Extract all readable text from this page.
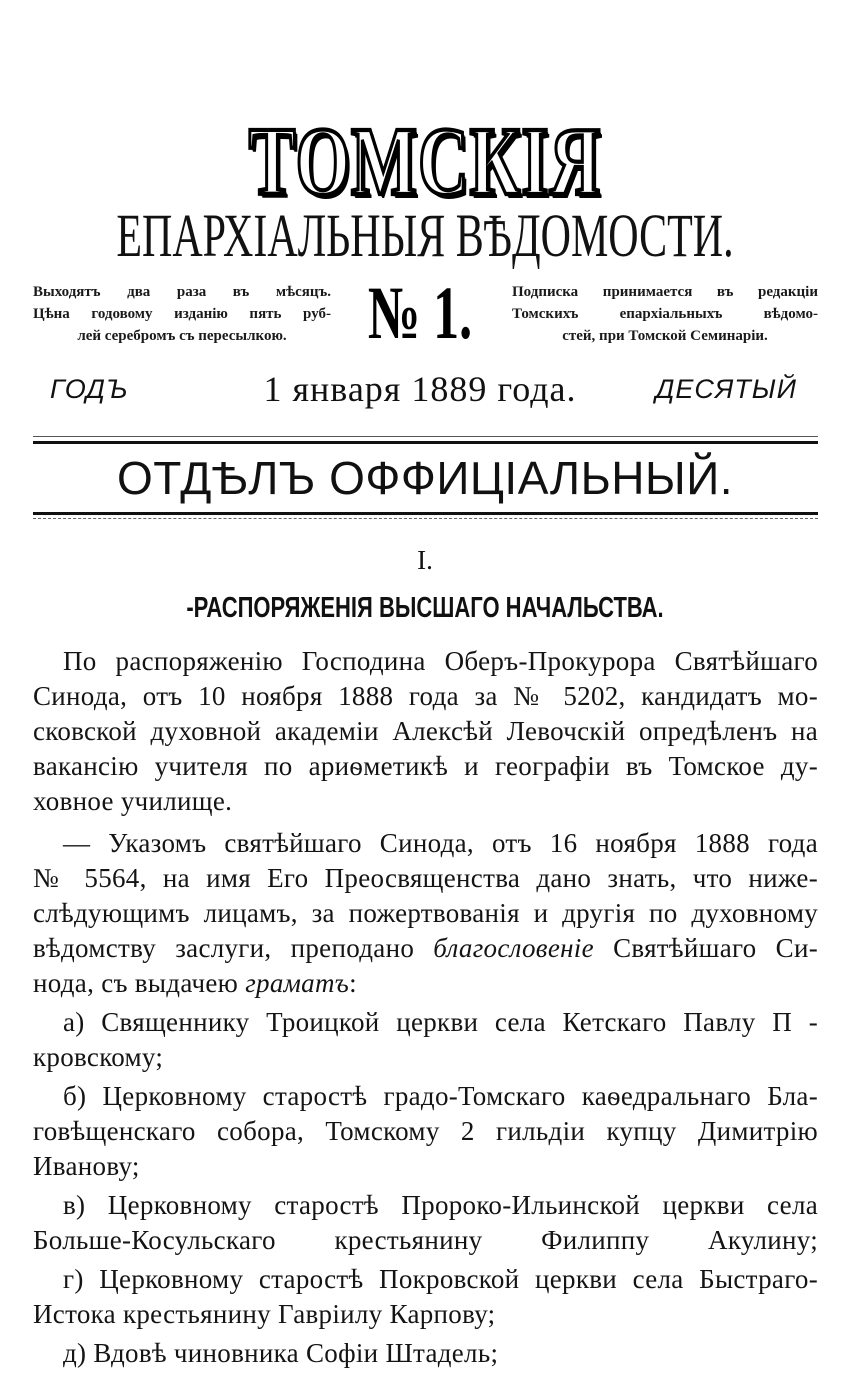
ТОМСКІЯ
ЕПАРХІАЛЬНЫЯ ВѢДОМОСТИ.
Выходятъ два раза въ мѣсяцъ.
Цѣна годовому изданію пять руб-
лей серебромъ съ пересылкою.	№ 1.	Подписка принимается въ редакціи
Томскихъ епархіальныхъ вѣдомо-
стей, при Томской Семинаріи.
ГОДЪ	1 января 1889 года.	ДЕСЯТЫЙ
ОТДѢЛЪ ОФФИЦІАЛЬНЫЙ.
I.
-РАСПОРЯЖЕНІЯ ВЫСШАГО НАЧАЛЬСТВА.
По распоряженію Господина Оберъ-Прокурора Святѣйшаго
Синода, отъ 10 ноября 1888 года за № 5202, кандидатъ мо-
сковской духовной академіи Алексѣй Левочскій опредѣленъ на
вакансію учителя по ариѳметикѣ и географіи въ Томское ду-
ховное училище.
— Указомъ святѣйшаго Синода, отъ 16 ноября 1888 года
№ 5564, на имя Его Преосвященства дано знать, что ниже-
слѣдующимъ лицамъ, за пожертвованія и другія по духовному
вѣдомству заслуги, преподано благословеніе Святѣйшаго Си-
нода, съ выдачею граматъ:
а) Священнику Троицкой церкви села Кетскаго Павлу П -
кровскому;
б) Церковному старостѣ градо-Томскаго каѳедральнаго Бла-
говѣщенскаго собора, Томскому 2 гильдіи купцу Димитрію
Иванову;
в) Церковному старостѣ Пророко-Ильинской церкви села
Больше-Косульскаго крестьянину Филиппу Акулину;
г) Церковному старостѣ Покровской церкви села Быстраго-
Истока крестьянину Гавріилу Карпову;
д) Вдовѣ чиновника Софіи Штадель;
